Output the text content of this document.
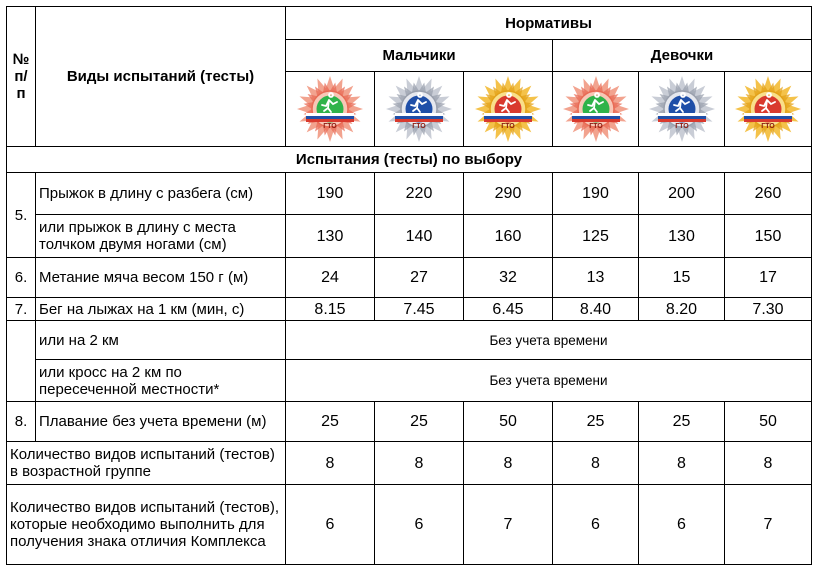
№ п/п	Виды испытаний (тесты)	Нормативы					
		Мальчики			Девочки		

ГТО	ГТО	ГТО	ГТО	ГТО	ГТО

Испытания (тесты) по выбору							
5.	Прыжок в длину с разбега (см)	190	220	290	190	200	260
	или прыжок в длину с места толчком двумя ногами (см)	130	140	160	125	130	150
6.	Метание мяча весом 150 г (м)	24	27	32	13	15	17
7.	Бег на лыжах на 1 км (мин, с)	8.15	7.45	6.45	8.40	8.20	7.30
	или на 2 км	Без учета времени					
	или кросс на 2 км по пересеченной местности*	Без учета времени					
8.	Плавание без учета времени (м)	25	25	50	25	25	50
Количество видов испытаний (тестов) в возрастной группе		8	8	8	8	8	8
Количество видов испытаний (тестов), которые необходимо выполнить для получения знака отличия Комплекса		6	6	7	6	6	7
